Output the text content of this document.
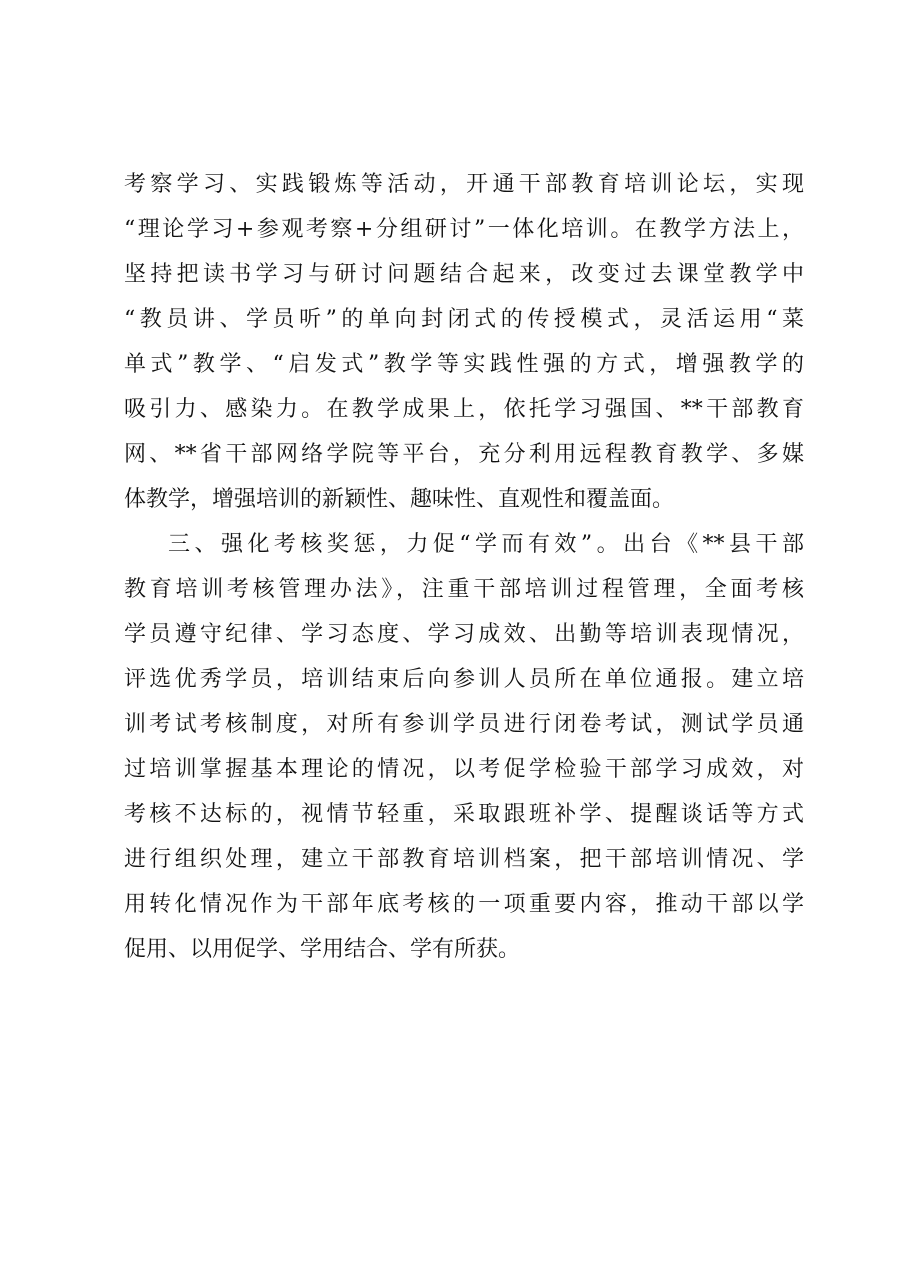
考察学习、实践锻炼等活动，开通干部教育培训论坛，实现
“理论学习+参观考察+分组研讨”一体化培训。在教学方法上，
坚持把读书学习与研讨问题结合起来，改变过去课堂教学中
“教员讲、学员听”的单向封闭式的传授模式，灵活运用“菜
单式”教学、“启发式”教学等实践性强的方式，增强教学的
吸引力、感染力。在教学成果上，依托学习强国、**干部教育
网、**省干部网络学院等平台，充分利用远程教育教学、多媒
体教学，增强培训的新颖性、趣味性、直观性和覆盖面。
三、强化考核奖惩，力促“学而有效”。出台《**县干部
教育培训考核管理办法》，注重干部培训过程管理，全面考核
学员遵守纪律、学习态度、学习成效、出勤等培训表现情况，
评选优秀学员，培训结束后向参训人员所在单位通报。建立培
训考试考核制度，对所有参训学员进行闭卷考试，测试学员通
过培训掌握基本理论的情况，以考促学检验干部学习成效，对
考核不达标的，视情节轻重，采取跟班补学、提醒谈话等方式
进行组织处理，建立干部教育培训档案，把干部培训情况、学
用转化情况作为干部年底考核的一项重要内容，推动干部以学
促用、以用促学、学用结合、学有所获。
